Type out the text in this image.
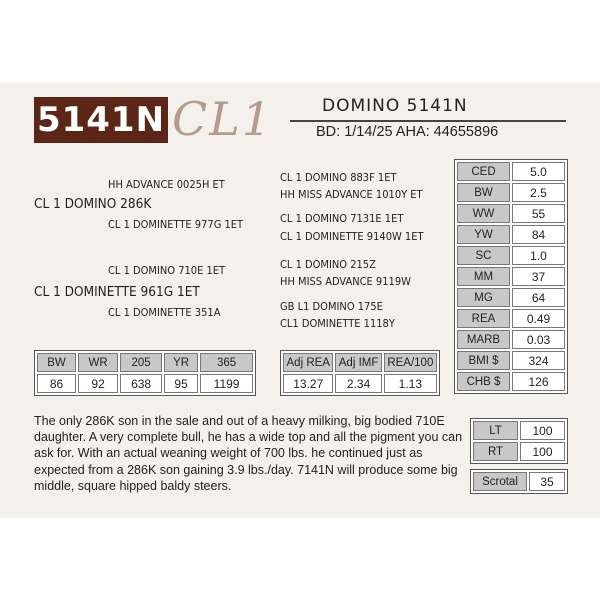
5141N CL1	DOMINO 5141N
BD: 1/14/25 AHA: 44655896
HH ADVANCE 0025H ET
CL 1 DOMINO 286K
CL 1 DOMINETTE 977G 1ET
CL 1 DOMINO 710E 1ET
CL 1 DOMINETTE 961G 1ET
CL 1 DOMINETTE 351A
CL 1 DOMINO 883F 1ET
HH MISS ADVANCE 1010Y ET
CL 1 DOMINO 7131E 1ET
CL 1 DOMINETTE 9140W 1ET
CL 1 DOMINO 215Z
HH MISS ADVANCE 9119W
GB L1 DOMINO 175E
CL1 DOMINETTE 1118Y
CED	5.0
BW	2.5
WW	55
YW	84
SC	1.0
MM	37
MG	64
REA	0.49
MARB	0.03
BMI $	324
CHB $	126
BW	WR	205	YR	365
86	92	638	95	1199
Adj REA	Adj IMF	REA/100
13.27	2.34	1.13
LT	100
RT	100
Scrotal	35
The only 286K son in the sale and out of a heavy milking, big bodied 710E daughter. A very complete bull, he has a wide top and all the pigment you can ask for. With an actual weaning weight of 700 lbs. he continued just as expected from a 286K son gaining 3.9 lbs./day. 7141N will produce some big middle, square hipped baldy steers.
